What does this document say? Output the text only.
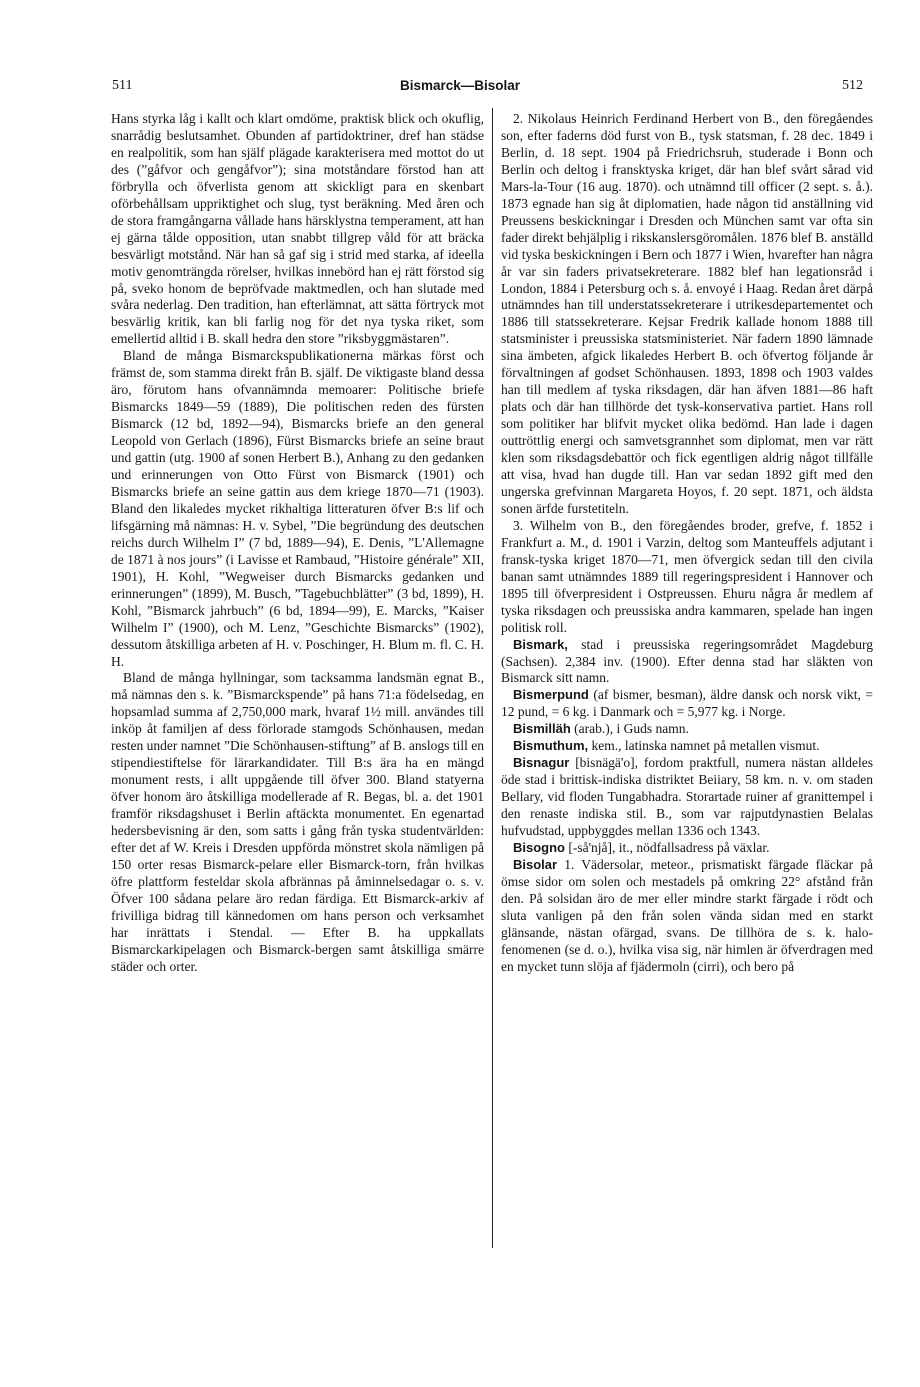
511	Bismarck—Bisolar	512

Hans styrka låg i kallt och klart omdöme, praktisk blick och okuflig, snarrådig beslutsamhet. Obunden af partidoktriner, dref han städse en realpolitik, som han själf plägade karakterisera med mottot do ut des (”gåfvor och gengåfvor”); sina motståndare förstod han att förbrylla och öfverlista genom att skickligt para en skenbart oförbehållsam uppriktighet och slug, tyst beräkning. Med åren och de stora framgångarna vållade hans härsklystna temperament, att han ej gärna tålde opposition, utan snabbt tillgrep våld för att bräcka besvärligt motstånd. När han så gaf sig i strid med starka, af ideella motiv genomträngda rörelser, hvilkas innebörd han ej rätt förstod sig på, sveko honom de bepröfvade maktmedlen, och han slutade med svåra nederlag. Den tradition, han efterlämnat, att sätta förtryck mot besvärlig kritik, kan bli farlig nog för det nya tyska riket, som emellertid alltid i B. skall hedra den store ”riksbyggmästaren”.

Bland de många Bismarckspublikationerna märkas först och främst de, som stamma direkt från B. själf. De viktigaste bland dessa äro, förutom hans ofvannämnda memoarer: Politische briefe Bismarcks 1849—59 (1889), Die politischen reden des fürsten Bismarck (12 bd, 1892—94), Bismarcks briefe an den general Leopold von Gerlach (1896), Fürst Bismarcks briefe an seine braut und gattin (utg. 1900 af sonen Herbert B.), Anhang zu den gedanken und erinnerungen von Otto Fürst von Bismarck (1901) och Bismarcks briefe an seine gattin aus dem kriege 1870—71 (1903). Bland den likaledes mycket rikhaltiga litteraturen öfver B:s lif och lifsgärning må nämnas: H. v. Sybel, ”Die begründung des deutschen reichs durch Wilhelm I” (7 bd, 1889—94), E. Denis, ”L'Allemagne de 1871 à nos jours” (i Lavisse et Rambaud, ”Histoire générale” XII, 1901), H. Kohl, ”Wegweiser durch Bismarcks gedanken und erinnerungen” (1899), M. Busch, ”Tagebuchblätter” (3 bd, 1899), H. Kohl, ”Bismarck jahrbuch” (6 bd, 1894—99), E. Marcks, ”Kaiser Wilhelm I” (1900), och M. Lenz, ”Geschichte Bismarcks” (1902), dessutom åtskilliga arbeten af H. v. Poschinger, H. Blum m. fl. C. H. H.

Bland de många hyllningar, som tacksamma landsmän egnat B., må nämnas den s. k. ”Bismarckspende” på hans 71:a födelsedag, en hopsamlad summa af 2,750,000 mark, hvaraf 1½ mill. användes till inköp åt familjen af dess förlorade stamgods Schönhausen, medan resten under namnet ”Die Schönhausen-stiftung” af B. anslogs till en stipendiestiftelse för lärarkandidater. Till B:s ära ha en mängd monument rests, i allt uppgående till öfver 300. Bland statyerna öfver honom äro åtskilliga modellerade af R. Begas, bl. a. det 1901 framför riksdagshuset i Berlin aftäckta monumentet. En egenartad hedersbevisning är den, som satts i gång från tyska studentvärlden: efter det af W. Kreis i Dresden uppförda mönstret skola nämligen på 150 orter resas Bismarck-pelare eller Bismarck-torn, från hvilkas öfre plattform festeldar skola afbrännas på åminnelsedagar o. s. v. Öfver 100 sådana pelare äro redan färdiga. Ett Bismarck-arkiv af frivilliga bidrag till kännedomen om hans person och verksamhet har inrättats i Stendal. — Efter B. ha uppkallats Bismarckarkipelagen och Bismarck-bergen samt åtskilliga smärre städer och orter.

2. Nikolaus Heinrich Ferdinand Herbert von B., den föregåendes son, efter faderns död furst von B., tysk statsman, f. 28 dec. 1849 i Berlin, d. 18 sept. 1904 på Friedrichsruh, studerade i Bonn och Berlin och deltog i fransktyska kriget, där han blef svårt sårad vid Mars-la-Tour (16 aug. 1870). och utnämnd till officer (2 sept. s. å.). 1873 egnade han sig åt diplomatien, hade någon tid anställning vid Preussens beskickningar i Dresden och München samt var ofta sin fader direkt behjälplig i rikskanslersgöromålen. 1876 blef B. anställd vid tyska beskickningen i Bern och 1877 i Wien, hvarefter han några år var sin faders privatsekreterare. 1882 blef han legationsråd i London, 1884 i Petersburg och s. å. envoyé i Haag. Redan året därpå utnämndes han till understatssekreterare i utrikesdepartementet och 1886 till statssekreterare. Kejsar Fredrik kallade honom 1888 till statsminister i preussiska statsministeriet. När fadern 1890 lämnade sina ämbeten, afgick likaledes Herbert B. och öfvertog följande år förvaltningen af godset Schönhausen. 1893, 1898 och 1903 valdes han till medlem af tyska riksdagen, där han äfven 1881—86 haft plats och där han tillhörde det tysk-konservativa partiet. Hans roll som politiker har blifvit mycket olika bedömd. Han lade i dagen outtröttlig energi och samvetsgrannhet som diplomat, men var rätt klen som riksdagsdebattör och fick egentligen aldrig något tillfälle att visa, hvad han dugde till. Han var sedan 1892 gift med den ungerska grefvinnan Margareta Hoyos, f. 20 sept. 1871, och äldsta sonen ärfde furstetiteln.

3. Wilhelm von B., den föregåendes broder, grefve, f. 1852 i Frankfurt a. M., d. 1901 i Varzin, deltog som Manteuffels adjutant i fransk-tyska kriget 1870—71, men öfvergick sedan till den civila banan samt utnämndes 1889 till regeringspresident i Hannover och 1895 till öfverpresident i Ostpreussen. Ehuru några år medlem af tyska riksdagen och preussiska andra kammaren, spelade han ingen politisk roll.

Bismark, stad i preussiska regeringsområdet Magdeburg (Sachsen). 2,384 inv. (1900). Efter denna stad har släkten von Bismarck sitt namn.

Bismerpund (af bismer, besman), äldre dansk och norsk vikt, = 12 pund, = 6 kg. i Danmark och = 5,977 kg. i Norge.

Bismilläh (arab.), i Guds namn.

Bismuthum, kem., latinska namnet på metallen vismut.

Bisnagur [bisnägä'o], fordom praktfull, numera nästan alldeles öde stad i brittisk-indiska distriktet Beiiary, 58 km. n. v. om staden Bellary, vid floden Tungabhadra. Storartade ruiner af granittempel i den renaste indiska stil. B., som var rajputdynastien Belalas hufvudstad, uppbyggdes mellan 1336 och 1343.

Bisogno [-så'njå], it., nödfallsadress på växlar.

Bisolar 1. Vädersolar, meteor., prismatiskt färgade fläckar på ömse sidor om solen och mestadels på omkring 22° afstånd från den. På solsidan äro de mer eller mindre starkt färgade i rödt och sluta vanligen på den från solen vända sidan med en starkt glänsande, nästan ofärgad, svans. De tillhöra de s. k. halo-fenomenen (se d. o.), hvilka visa sig, när himlen är öfverdragen med en mycket tunn slöja af fjädermoln (cirri), och bero på
